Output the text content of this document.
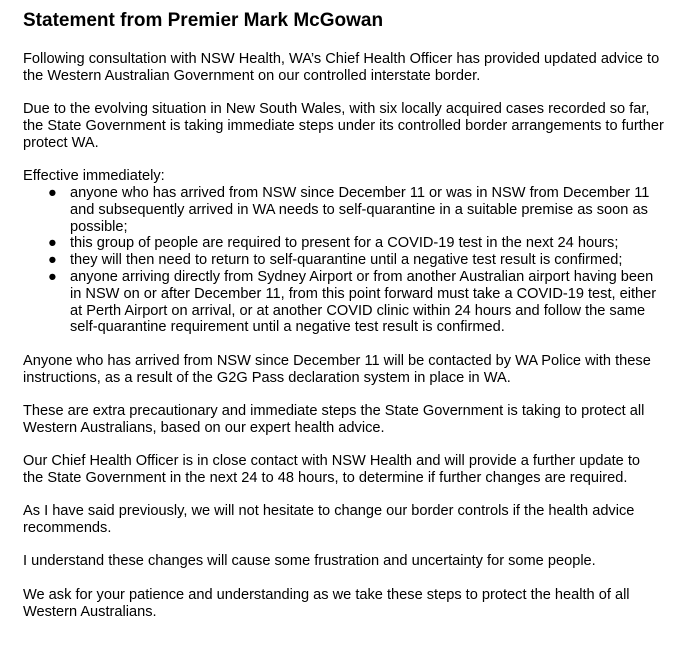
Statement from Premier Mark McGowan

Following consultation with NSW Health, WA’s Chief Health Officer has provided updated advice to the Western Australian Government on our controlled interstate border.

Due to the evolving situation in New South Wales, with six locally acquired cases recorded so far, the State Government is taking immediate steps under its controlled border arrangements to further protect WA.

Effective immediately:

● anyone who has arrived from NSW since December 11 or was in NSW from December 11 and subsequently arrived in WA needs to self-quarantine in a suitable premise as soon as possible;
● this group of people are required to present for a COVID-19 test in the next 24 hours;
● they will then need to return to self-quarantine until a negative test result is confirmed;
● anyone arriving directly from Sydney Airport or from another Australian airport having been in NSW on or after December 11, from this point forward must take a COVID-19 test, either at Perth Airport on arrival, or at another COVID clinic within 24 hours and follow the same self-quarantine requirement until a negative test result is confirmed.

Anyone who has arrived from NSW since December 11 will be contacted by WA Police with these instructions, as a result of the G2G Pass declaration system in place in WA.

These are extra precautionary and immediate steps the State Government is taking to protect all Western Australians, based on our expert health advice.

Our Chief Health Officer is in close contact with NSW Health and will provide a further update to the State Government in the next 24 to 48 hours, to determine if further changes are required.

As I have said previously, we will not hesitate to change our border controls if the health advice recommends.

I understand these changes will cause some frustration and uncertainty for some people.

We ask for your patience and understanding as we take these steps to protect the health of all Western Australians.
